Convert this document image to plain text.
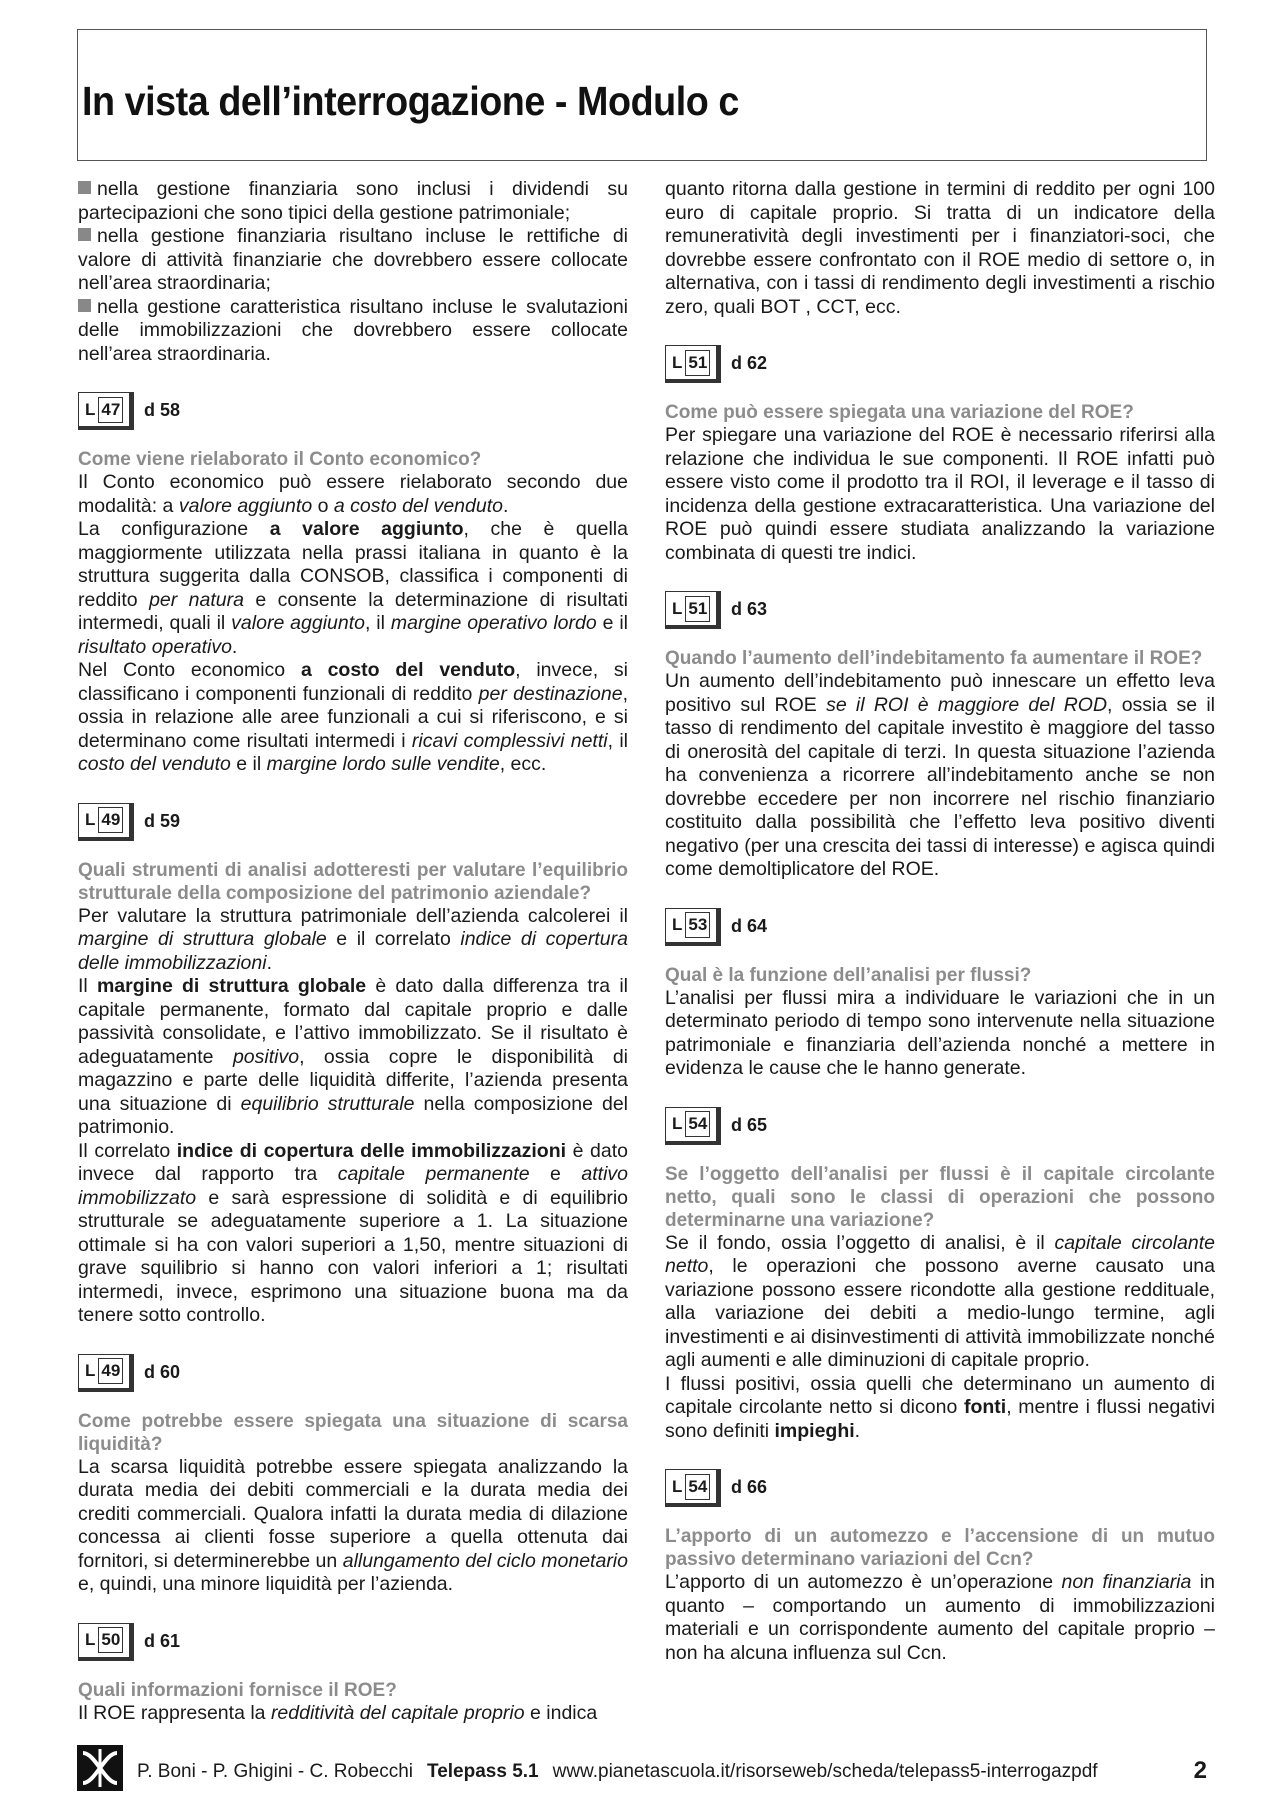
In vista dell’interrogazione - Modulo c

nella gestione finanziaria sono inclusi i dividendi su partecipazioni che sono tipici della gestione patrimoniale;

nella gestione finanziaria risultano incluse le rettifiche di valore di attività finanziarie che dovrebbero essere collocate nell’area straordinaria;

nella gestione caratteristica risultano incluse le svalutazioni delle immobilizzazioni che dovrebbero essere collocate nell’area straordinaria.

L 47 d 58

Come viene rielaborato il Conto economico?

Il Conto economico può essere rielaborato secondo due modalità: a valore aggiunto o a costo del venduto.

La configurazione a valore aggiunto, che è quella maggiormente utilizzata nella prassi italiana in quanto è la struttura suggerita dalla CONSOB, classifica i componenti di reddito per natura e consente la determinazione di risultati intermedi, quali il valore aggiunto, il margine operativo lordo e il risultato operativo.

Nel Conto economico a costo del venduto, invece, si classificano i componenti funzionali di reddito per destinazione, ossia in relazione alle aree funzionali a cui si riferiscono, e si determinano come risultati intermedi i ricavi complessivi netti, il costo del venduto e il margine lordo sulle vendite, ecc.

L 49 d 59

Quali strumenti di analisi adotteresti per valutare l’equilibrio strutturale della composizione del patrimonio aziendale?

Per valutare la struttura patrimoniale dell’azienda calcolerei il margine di struttura globale e il correlato indice di copertura delle immobilizzazioni.

Il margine di struttura globale è dato dalla differenza tra il capitale permanente, formato dal capitale proprio e dalle passività consolidate, e l’attivo immobilizzato. Se il risultato è adeguatamente positivo, ossia copre le disponibilità di magazzino e parte delle liquidità differite, l’azienda presenta una situazione di equilibrio strutturale nella composizione del patrimonio.

Il correlato indice di copertura delle immobilizzazioni è dato invece dal rapporto tra capitale permanente e attivo immobilizzato e sarà espressione di solidità e di equilibrio strutturale se adeguatamente superiore a 1. La situazione ottimale si ha con valori superiori a 1,50, mentre situazioni di grave squilibrio si hanno con valori inferiori a 1; risultati intermedi, invece, esprimono una situazione buona ma da tenere sotto controllo.

L 49 d 60

Come potrebbe essere spiegata una situazione di scarsa liquidità?

La scarsa liquidità potrebbe essere spiegata analizzando la durata media dei debiti commerciali e la durata media dei crediti commerciali. Qualora infatti la durata media di dilazione concessa ai clienti fosse superiore a quella ottenuta dai fornitori, si determinerebbe un allungamento del ciclo monetario e, quindi, una minore liquidità per l’azienda.

L 50 d 61

Quali informazioni fornisce il ROE?

Il ROE rappresenta la redditività del capitale proprio e indica

quanto ritorna dalla gestione in termini di reddito per ogni 100 euro di capitale proprio. Si tratta di un indicatore della remuneratività degli investimenti per i finanziatori-soci, che dovrebbe essere confrontato con il ROE medio di settore o, in alternativa, con i tassi di rendimento degli investimenti a rischio zero, quali BOT , CCT, ecc.

L 51 d 62

Come può essere spiegata una variazione del ROE?

Per spiegare una variazione del ROE è necessario riferirsi alla relazione che individua le sue componenti. Il ROE infatti può essere visto come il prodotto tra il ROI, il leverage e il tasso di incidenza della gestione extracaratteristica. Una variazione del ROE può quindi essere studiata analizzando la variazione combinata di questi tre indici.

L 51 d 63

Quando l’aumento dell’indebitamento fa aumentare il ROE?

Un aumento dell’indebitamento può innescare un effetto leva positivo sul ROE se il ROI è maggiore del ROD, ossia se il tasso di rendimento del capitale investito è maggiore del tasso di onerosità del capitale di terzi. In questa situazione l’azienda ha convenienza a ricorrere all’indebitamento anche se non dovrebbe eccedere per non incorrere nel rischio finanziario costituito dalla possibilità che l’effetto leva positivo diventi negativo (per una crescita dei tassi di interesse) e agisca quindi come demoltiplicatore del ROE.

L 53 d 64

Qual è la funzione dell’analisi per flussi?

L’analisi per flussi mira a individuare le variazioni che in un determinato periodo di tempo sono intervenute nella situazione patrimoniale e finanziaria dell’azienda nonché a mettere in evidenza le cause che le hanno generate.

L 54 d 65

Se l’oggetto dell’analisi per flussi è il capitale circolante netto, quali sono le classi di operazioni che possono determinarne una variazione?

Se il fondo, ossia l’oggetto di analisi, è il capitale circolante netto, le operazioni che possono averne causato una variazione possono essere ricondotte alla gestione reddituale, alla variazione dei debiti a medio-lungo termine, agli investimenti e ai disinvestimenti di attività immobilizzate nonché agli aumenti e alle diminuzioni di capitale proprio.

I flussi positivi, ossia quelli che determinano un aumento di capitale circolante netto si dicono fonti, mentre i flussi negativi sono definiti impieghi.

L 54 d 66

L’apporto di un automezzo e l’accensione di un mutuo passivo determinano variazioni del Ccn?

L’apporto di un automezzo è un’operazione non finanziaria in quanto – comportando un aumento di immobilizzazioni materiali e un corrispondente aumento del capitale proprio – non ha alcuna influenza sul Ccn.

P. Boni - P. Ghigini - C. Robecchi Telepass 5.1 www.pianetascuola.it/risorseweb/scheda/telepass5-interrogazpdf	2
